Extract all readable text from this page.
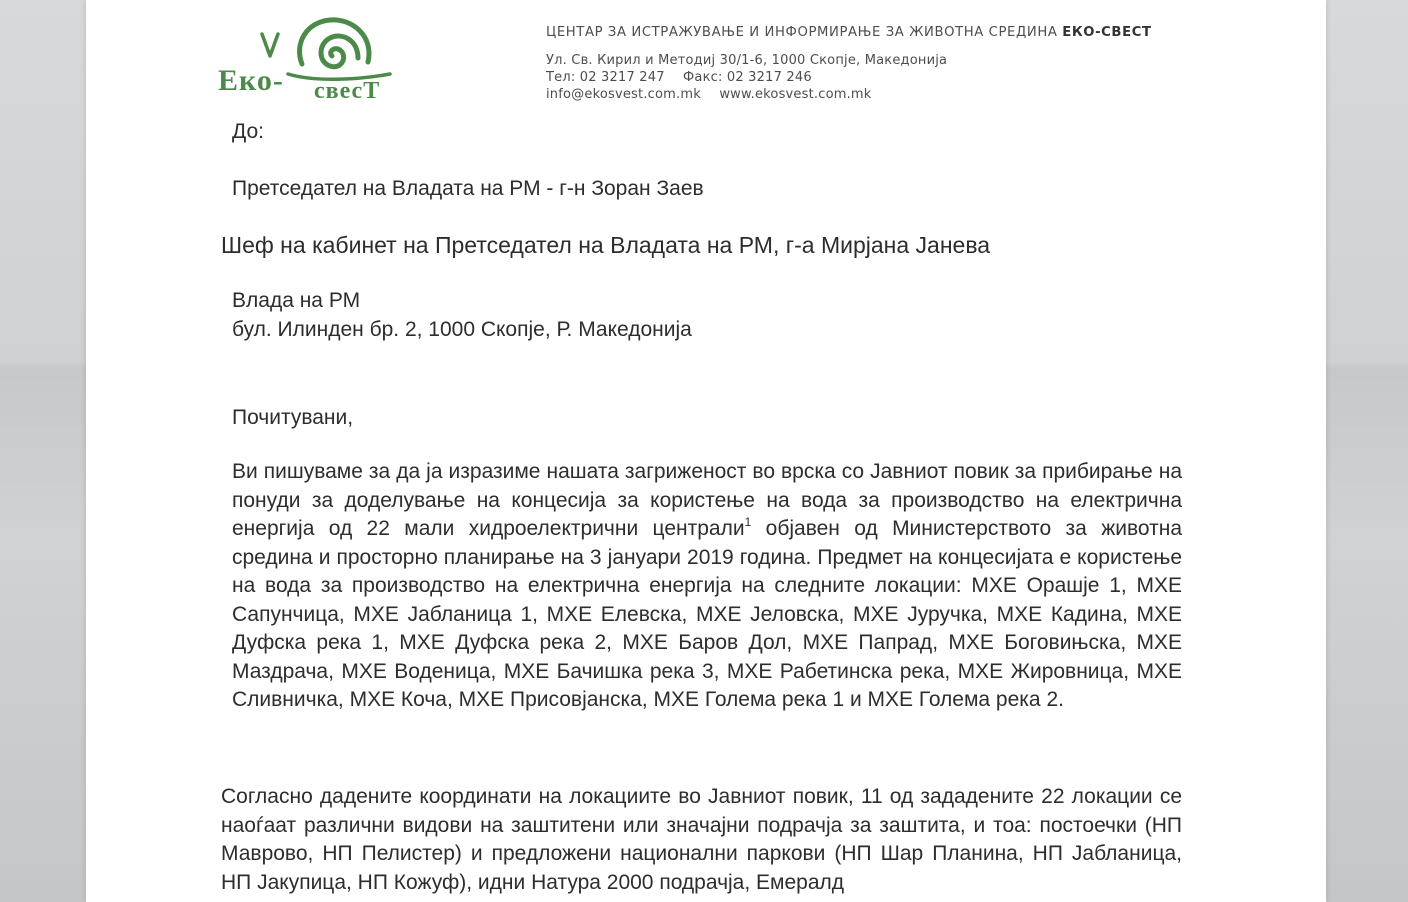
Еко- свесТ
ЦЕНТАР ЗА ИСТРАЖУВАЊЕ И ИНФОРМИРАЊЕ ЗА ЖИВОТНА СРЕДИНА ЕКО-СВЕСТ
Ул. Св. Кирил и Методиј 30/1-6, 1000 Скопје, Македонија
Тел: 02 3217 247 Факс: 02 3217 246
info@ekosvest.com.mk www.ekosvest.com.mk
До:
Претседател на Владата на РМ - г-н Зоран Заев
Шеф на кабинет на Претседател на Владата на РМ, г-а Мирјана Јанева
Влада на РМ
бул. Илинден бр. 2, 1000 Скопје, Р. Македонија
Почитувани,
Ви пишуваме за да ја изразиме нашата загриженост во врска со Јавниот повик за прибирање на понуди за доделување на концесија за користење на вода за производство на електрична енергија од 22 мали хидроелектрични централи$^1$ објавен од Министерството за животна средина и просторно планирање на 3 јануари 2019 година. Предмет на концесијата е користење на вода за производство на електрична енергија на следните локации: МХЕ Орашје 1, МХЕ Сапунчица, МХЕ Јабланица 1, МХЕ Елевска, МХЕ Јеловска, МХЕ Јуручка, МХЕ Кадина, МХЕ Дуфска река 1, МХЕ Дуфска река 2, МХЕ Баров Дол, МХЕ Папрад, МХЕ Боговињска, МХЕ Маздрача, МХЕ Воденица, МХЕ Бачишка река 3, МХЕ Рабетинска река, МХЕ Жировница, МХЕ Сливничка, МХЕ Коча, МХЕ Присовјанска, МХЕ Голема река 1 и МХЕ Голема река 2.
Согласно дадените координати на локациите во Јавниот повик, 11 од зададените 22 локации се наоѓаат различни видови на заштитени или значајни подрачја за заштита, и тоа: постоечки (НП Маврово, НП Пелистер) и предложени национални паркови (НП Шар Планина, НП Јабланица, НП Јакупица, НП Кожуф), идни Натура 2000 подрачја, Емералд
